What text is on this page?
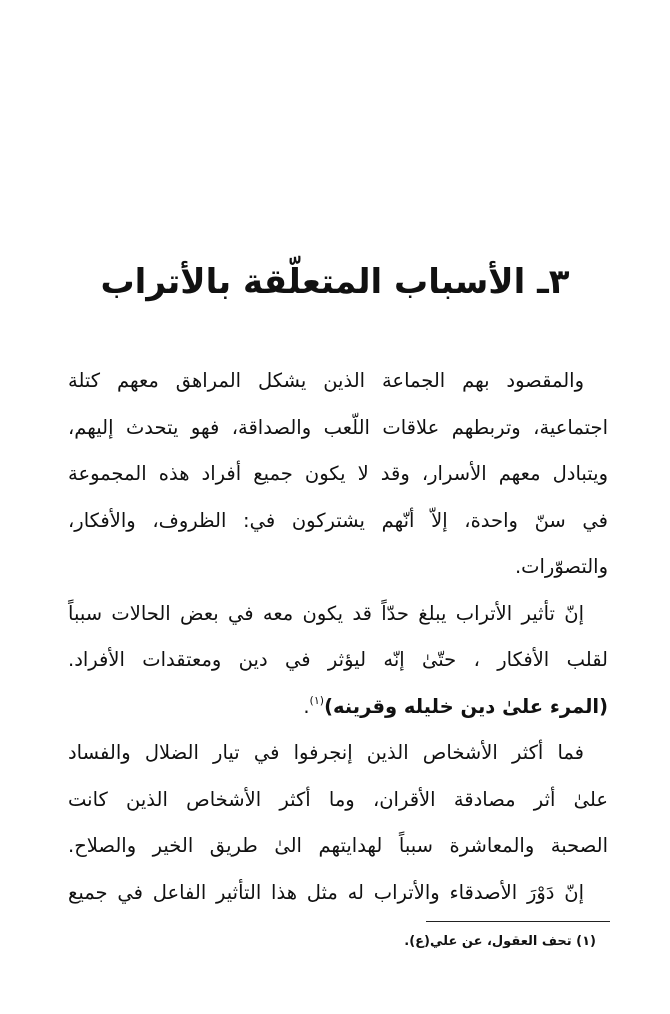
٣ـ الأسباب المتعلّقة بالأتراب
والمقصود بهم الجماعة الذين يشكل المراهق معهم كتلة
اجتماعية، وتربطهم علاقات اللّعب والصداقة، فهو يتحدث إليهم،
ويتبادل معهم الأسرار، وقد لا يكون جميع أفراد هذه المجموعة
في سنّ واحدة، إلاّ أنّهم يشتركون في: الظروف، والأفكار،
والتصوّرات.
إنّ تأثير الأتراب يبلغ حدّاً قد يكون معه في بعض الحالات سبباً
لقلب الأفكار ، حتّىٰ إنّه ليؤثر في دين ومعتقدات الأفراد.
(المرء علىٰ دين خليله وقرينه)$^{(١)}$.
فما أكثر الأشخاص الذين إنجرفوا في تيار الضلال والفساد
علىٰ أثر مصادقة الأقران، وما أكثر الأشخاص الذين كانت
الصحبة والمعاشرة سبباً لهدايتهم الىٰ طريق الخير والصلاح.
إنّ دَوْرَ الأصدقاء والأتراب له مثل هذا التأثير الفاعل في جميع
(١) تحف العقول، عن علي(ع).
